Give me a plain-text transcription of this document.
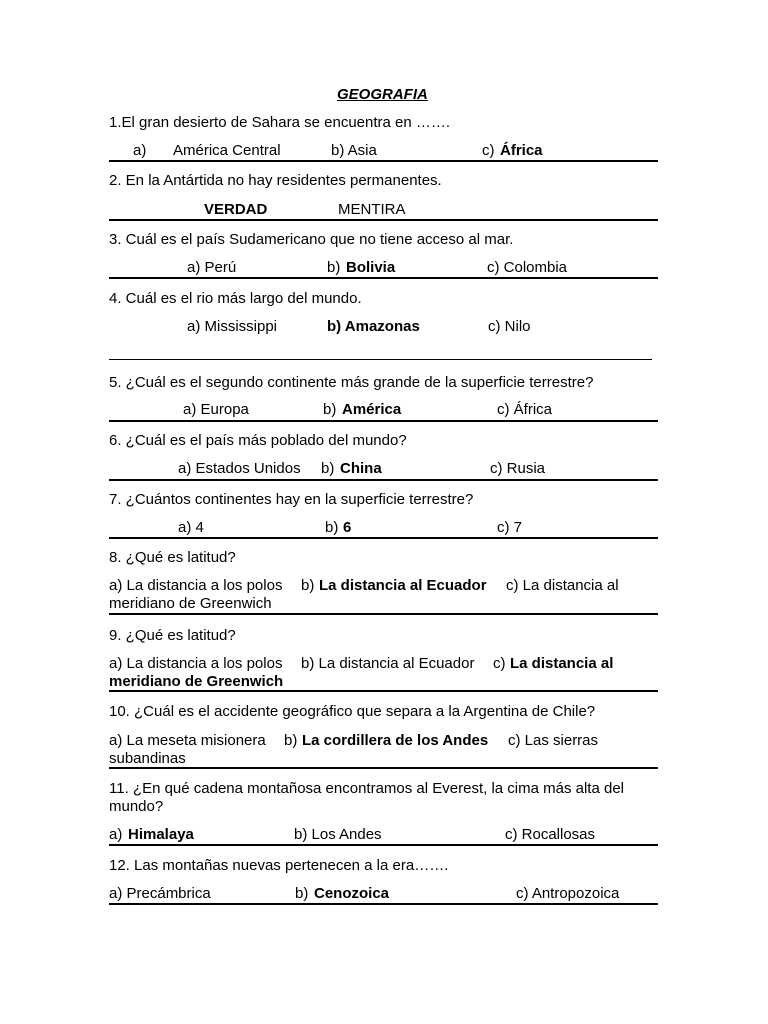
GEOGRAFIA
1.El gran desierto de Sahara se encuentra en …….
a) América Central	b) Asia	c) África
2. En la Antártida no hay residentes permanentes.
VERDAD	MENTIRA
3. Cuál es el país Sudamericano que no tiene acceso al mar.
a) Perú	b) Bolivia	c) Colombia
4. Cuál es el rio más largo del mundo.
a) Mississippi	b) Amazonas	c) Nilo
5. ¿Cuál es el segundo continente más grande de la superficie terrestre?
a) Europa	b) América	c) África
6. ¿Cuál es el país más poblado del mundo?
a) Estados Unidos b) China	c) Rusia
7. ¿Cuántos continentes hay en la superficie terrestre?
a) 4	b) 6	c) 7
8. ¿Qué es latitud?
a) La distancia a los polos b) La distancia al Ecuador c) La distancia al
meridiano de Greenwich
9. ¿Qué es latitud?
a) La distancia a los polos b) La distancia al Ecuador c) La distancia al
meridiano de Greenwich
10. ¿Cuál es el accidente geográfico que separa a la Argentina de Chile?
a) La meseta misionera b) La cordillera de los Andes c) Las sierras
subandinas
11. ¿En qué cadena montañosa encontramos al Everest, la cima más alta del
mundo?
a) Himalaya	b) Los Andes	c) Rocallosas
12. Las montañas nuevas pertenecen a la era…….
a) Precámbrica	b) Cenozoica	c) Antropozoica
